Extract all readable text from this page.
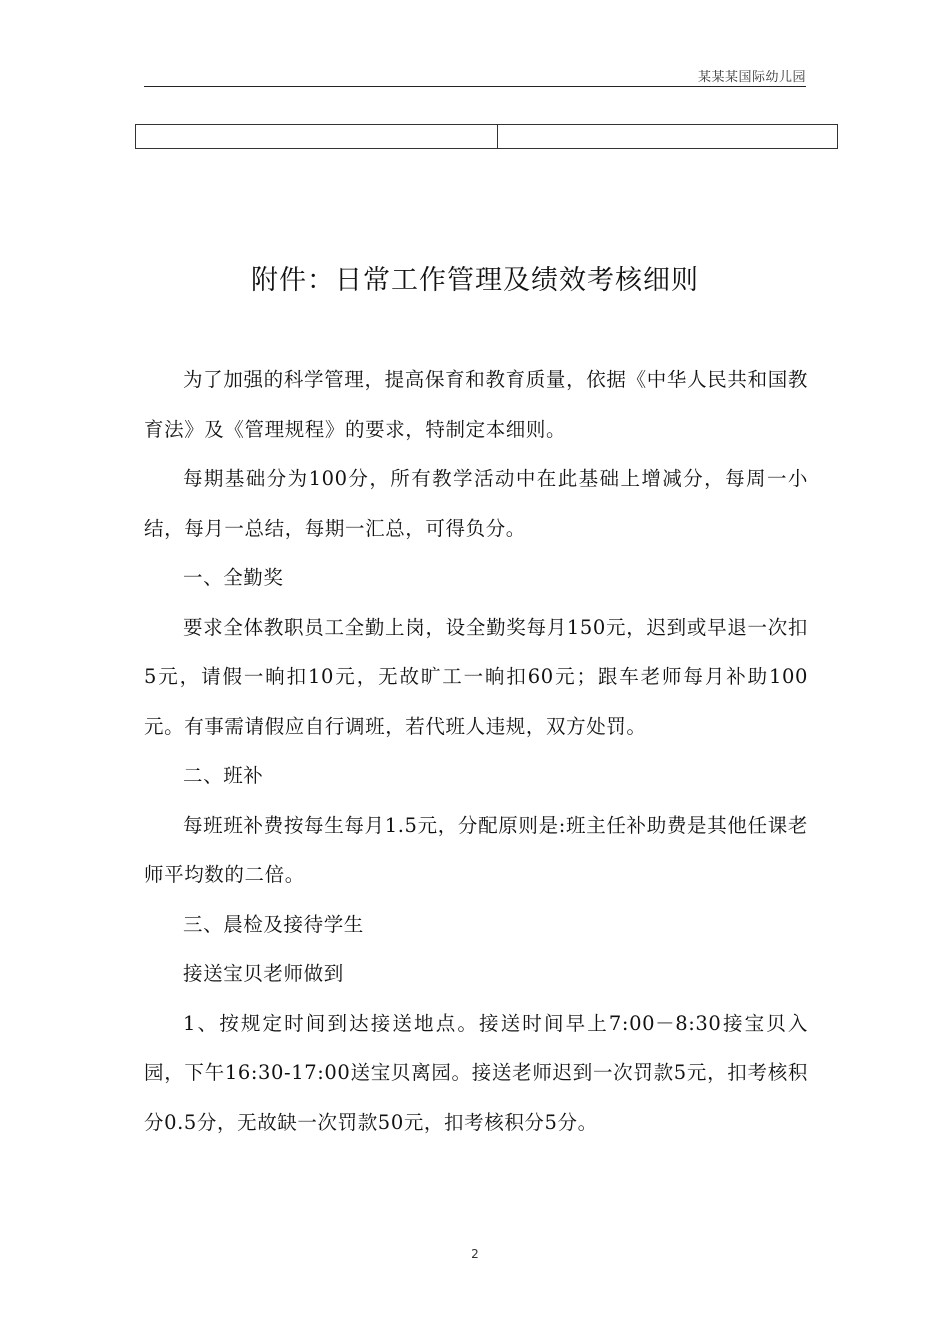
某某某国际幼儿园
附件：日常工作管理及绩效考核细则

为了加强的科学管理，提高保育和教育质量，依据《中华人民共和国教育法》及《管理规程》的要求，特制定本细则。

每期基础分为100分，所有教学活动中在此基础上增减分，每周一小结，每月一总结，每期一汇总，可得负分。

一、全勤奖

要求全体教职员工全勤上岗，设全勤奖每月150元，迟到或早退一次扣5元，请假一晌扣10元，无故旷工一晌扣60元；跟车老师每月补助100元。有事需请假应自行调班，若代班人违规，双方处罚。

二、班补

每班班补费按每生每月1.5元，分配原则是:班主任补助费是其他任课老师平均数的二倍。

三、晨检及接待学生

接送宝贝老师做到

1、按规定时间到达接送地点。接送时间早上7:00－8:30接宝贝入园，下午16:30-17:00送宝贝离园。接送老师迟到一次罚款5元，扣考核积分0.5分，无故缺一次罚款50元，扣考核积分5分。

2
